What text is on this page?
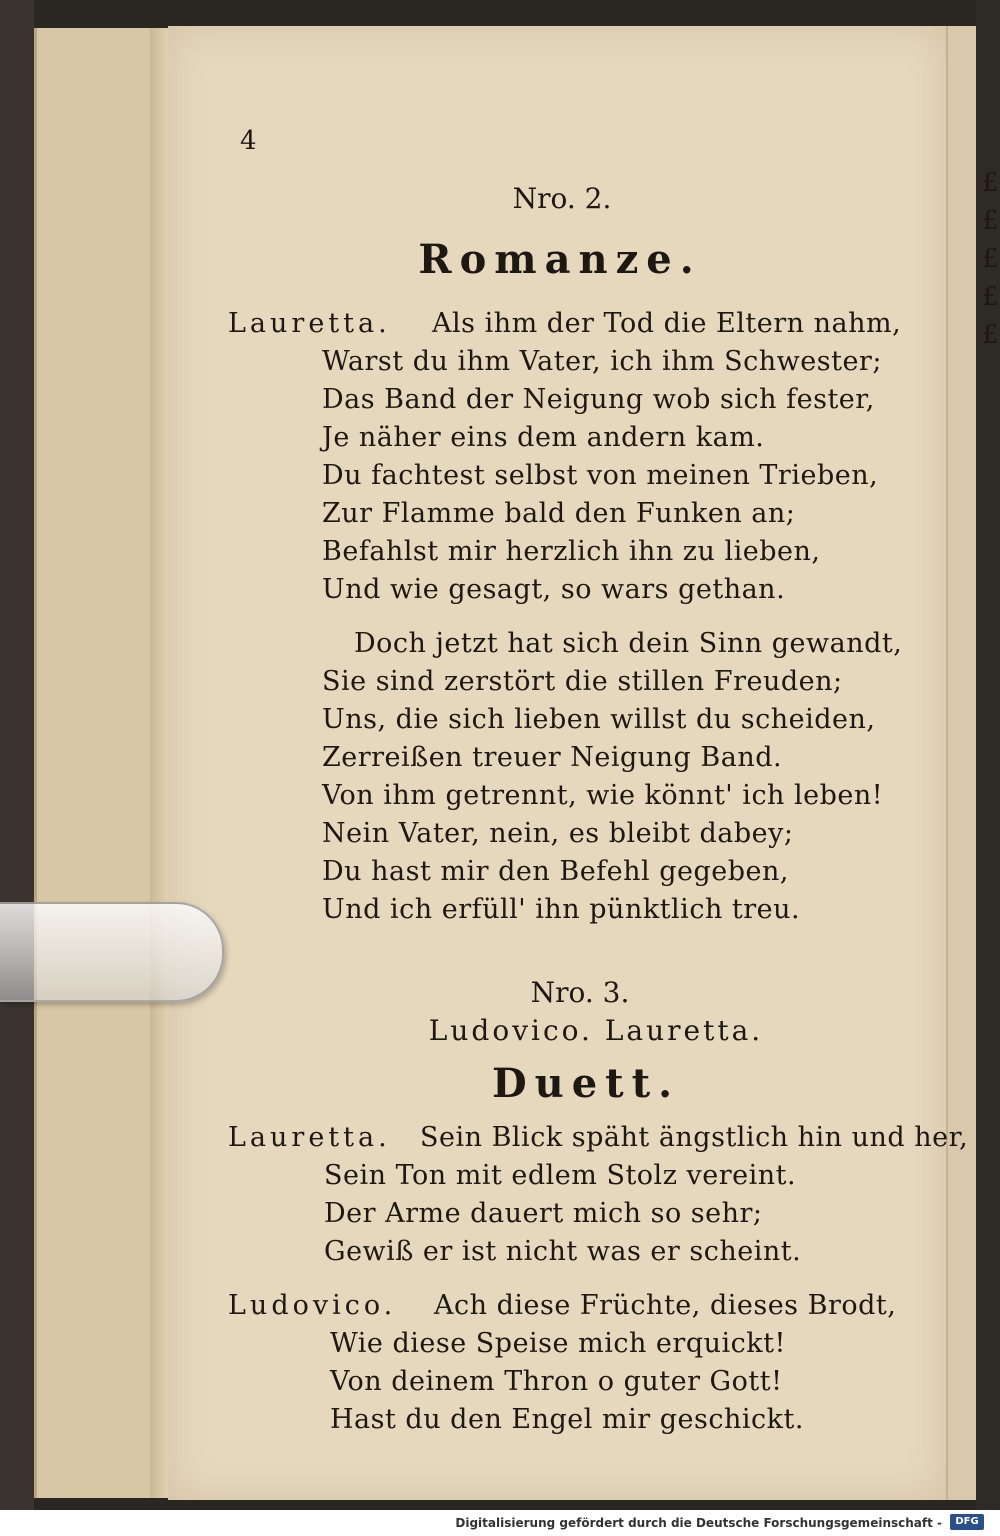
£
£
£
£
£
4
Nro. 2.
Romanze.
Lauretta. Als ihm der Tod die Eltern nahm,
Warst du ihm Vater, ich ihm Schwester;
Das Band der Neigung wob sich fester,
Je näher eins dem andern kam.
Du fachtest selbst von meinen Trieben,
Zur Flamme bald den Funken an;
Befahlst mir herzlich ihn zu lieben,
Und wie gesagt, so wars gethan.
Doch jetzt hat sich dein Sinn gewandt,
Sie sind zerstört die stillen Freuden;
Uns, die sich lieben willst du scheiden,
Zerreißen treuer Neigung Band.
Von ihm getrennt, wie könnt' ich leben!
Nein Vater, nein, es bleibt dabey;
Du hast mir den Befehl gegeben,
Und ich erfüll' ihn pünktlich treu.
Nro. 3.
Ludovico. Lauretta.
Duett.
Lauretta. Sein Blick späht ängstlich hin und her,
Sein Ton mit edlem Stolz vereint.
Der Arme dauert mich so sehr;
Gewiß er ist nicht was er scheint.
Ludovico. Ach diese Früchte, dieses Brodt,
Wie diese Speise mich erquickt!
Von deinem Thron o guter Gott!
Hast du den Engel mir geschickt.
Digitalisierung gefördert durch die Deutsche Forschungsgemeinschaft -	DFG
